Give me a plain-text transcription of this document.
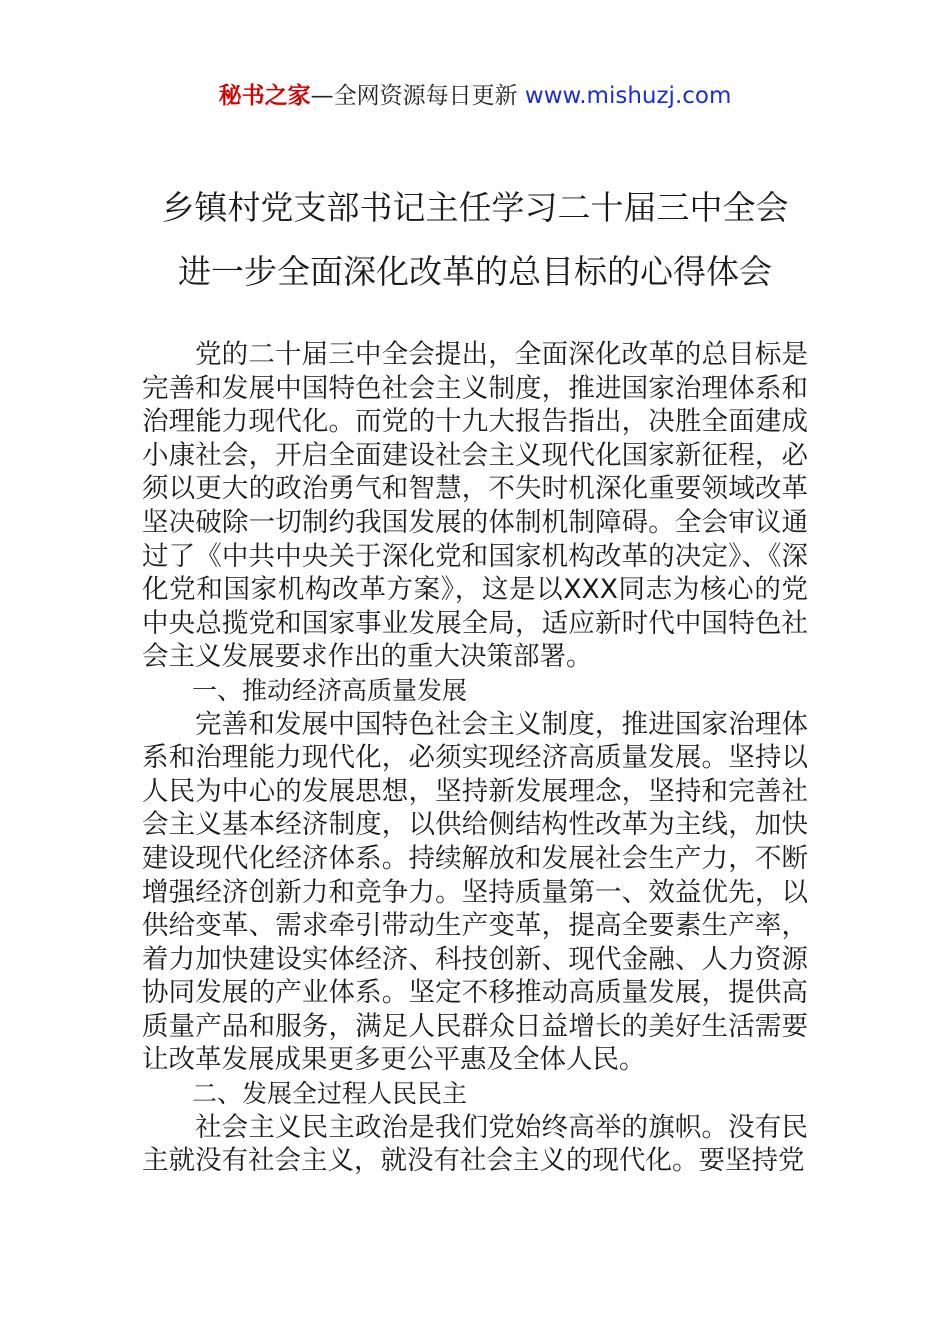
秘书之家—全网资源每日更新 www.mishuzj.com
乡镇村党支部书记主任学习二十届三中全会
进一步全面深化改革的总目标的心得体会

党的二十届三中全会提出，全面深化改革的总目标是完善和发展中国特色社会主义制度，推进国家治理体系和治理能力现代化。而党的十九大报告指出，决胜全面建成小康社会，开启全面建设社会主义现代化国家新征程，必须以更大的政治勇气和智慧，不失时机深化重要领域改革坚决破除一切制约我国发展的体制机制障碍。全会审议通过了《中共中央关于深化党和国家机构改革的决定》、《深化党和国家机构改革方案》，这是以XXX同志为核心的党中央总揽党和国家事业发展全局，适应新时代中国特色社会主义发展要求作出的重大决策部署。

一、推动经济高质量发展

完善和发展中国特色社会主义制度，推进国家治理体系和治理能力现代化，必须实现经济高质量发展。坚持以人民为中心的发展思想，坚持新发展理念，坚持和完善社会主义基本经济制度，以供给侧结构性改革为主线，加快建设现代化经济体系。持续解放和发展社会生产力，不断增强经济创新力和竞争力。坚持质量第一、效益优先，以供给变革、需求牵引带动生产变革，提高全要素生产率，着力加快建设实体经济、科技创新、现代金融、人力资源协同发展的产业体系。坚定不移推动高质量发展，提供高质量产品和服务，满足人民群众日益增长的美好生活需要让改革发展成果更多更公平惠及全体人民。

二、发展全过程人民民主

社会主义民主政治是我们党始终高举的旗帜。没有民主就没有社会主义，就没有社会主义的现代化。要坚持党
